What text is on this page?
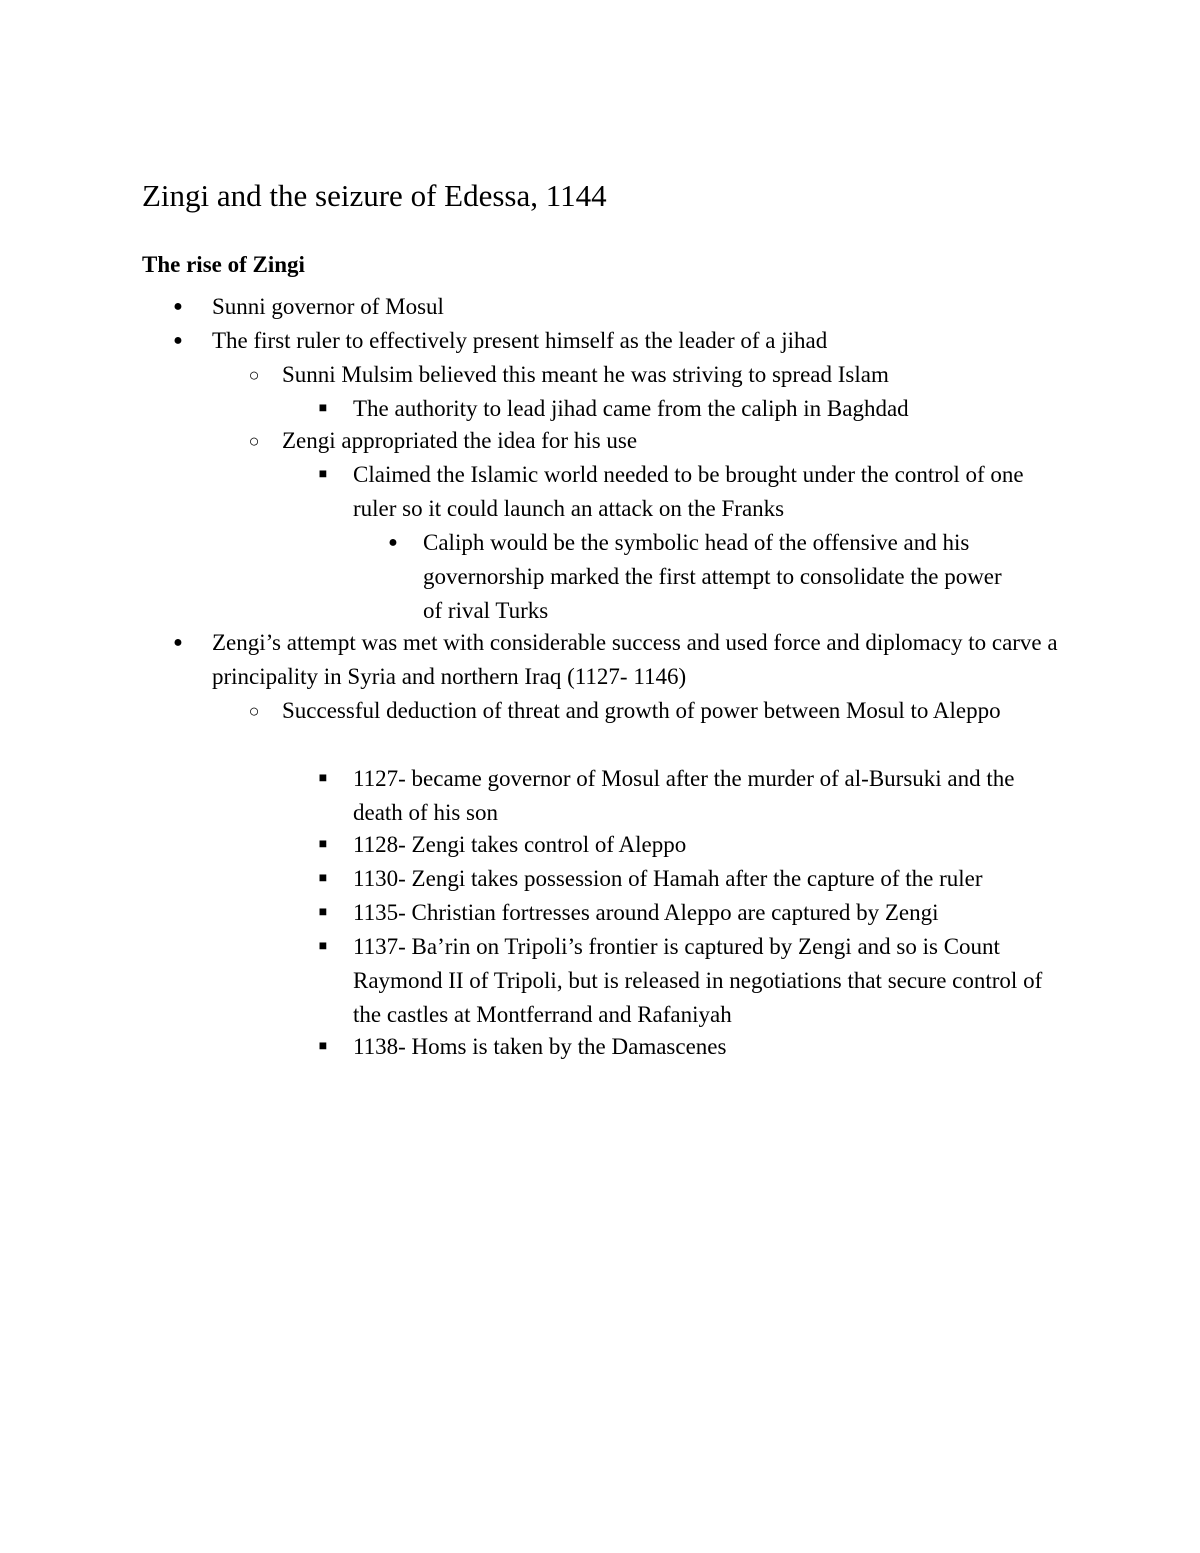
Zingi and the seizure of Edessa, 1144
The rise of Zingi
● Sunni governor of Mosul
● The first ruler to effectively present himself as the leader of a jihad
○ Sunni Mulsim believed this meant he was striving to spread Islam
■ The authority to lead jihad came from the caliph in Baghdad
○ Zengi appropriated the idea for his use
■ Claimed the Islamic world needed to be brought under the control of one ruler so it could launch an attack on the Franks
● Caliph would be the symbolic head of the offensive and his governorship marked the first attempt to consolidate the power of rival Turks
● Zengi’s attempt was met with considerable success and used force and diplomacy to carve a principality in Syria and northern Iraq (1127- 1146)
○ Successful deduction of threat and growth of power between Mosul to Aleppo
■ 1127- became governor of Mosul after the murder of al-Bursuki and the death of his son
■ 1128- Zengi takes control of Aleppo
■ 1130- Zengi takes possession of Hamah after the capture of the ruler
■ 1135- Christian fortresses around Aleppo are captured by Zengi
■ 1137- Ba’rin on Tripoli’s frontier is captured by Zengi and so is Count Raymond II of Tripoli, but is released in negotiations that secure control of the castles at Montferrand and Rafaniyah
■ 1138- Homs is taken by the Damascenes
